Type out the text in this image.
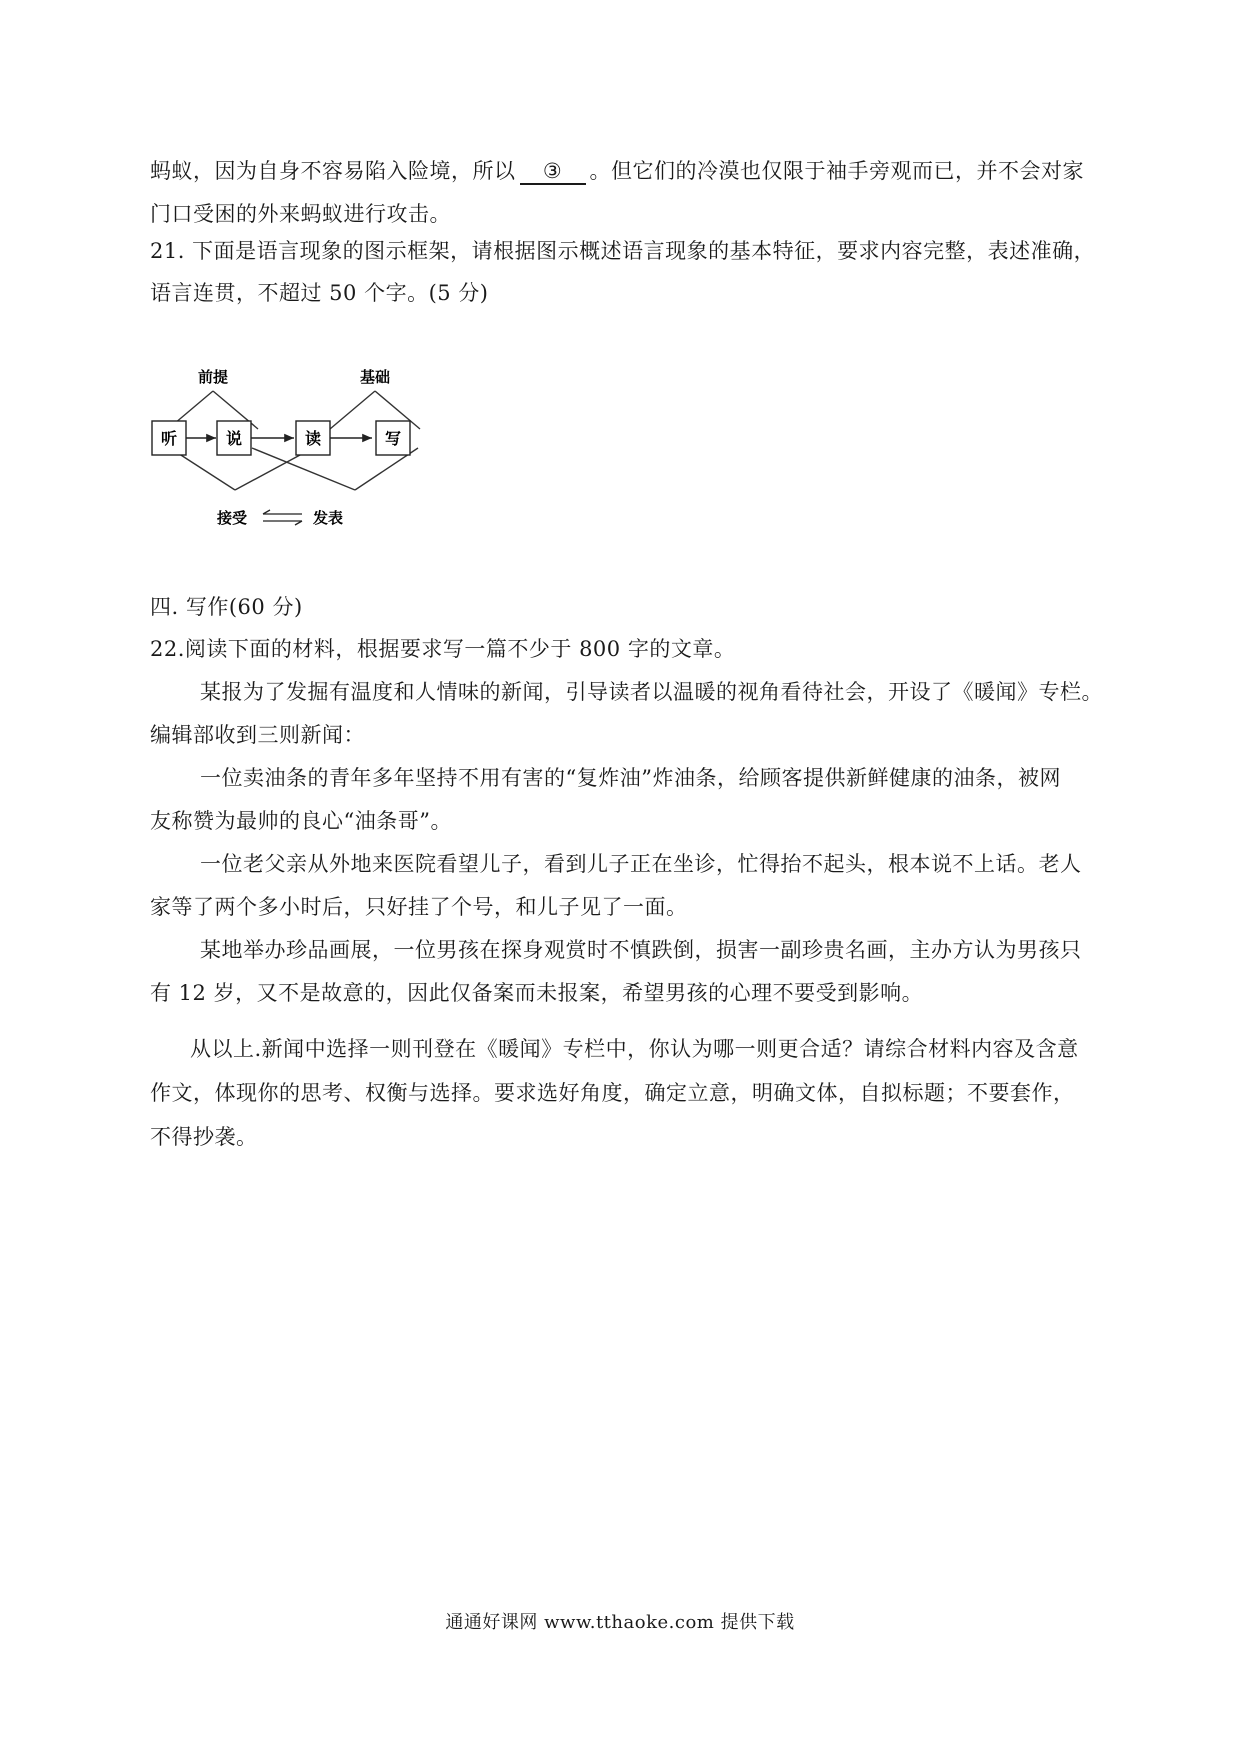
蚂蚁，因为自身不容易陷入险境，所以 ③ 。但它们的冷漠也仅限于袖手旁观而已，并不会对家
门口受困的外来蚂蚁进行攻击。
21. 下面是语言现象的图示框架，请根据图示概述语言现象的基本特征，要求内容完整，表述准确，
语言连贯，不超过 50 个字。(5 分)
听	说	读	写
前提	基础
接受	发表
四. 写作(60 分)
22.阅读下面的材料，根据要求写一篇不少于 800 字的文章。
某报为了发掘有温度和人情味的新闻，引导读者以温暖的视角看待社会，开设了《暖闻》专栏。
编辑部收到三则新闻：
一位卖油条的青年多年坚持不用有害的“复炸油”炸油条，给顾客提供新鲜健康的油条，被网
友称赞为最帅的良心“油条哥”。
一位老父亲从外地来医院看望儿子，看到儿子正在坐诊，忙得抬不起头，根本说不上话。老人
家等了两个多小时后，只好挂了个号，和儿子见了一面。
某地举办珍品画展，一位男孩在探身观赏时不慎跌倒，损害一副珍贵名画，主办方认为男孩只
有 12 岁，又不是故意的，因此仅备案而未报案，希望男孩的心理不要受到影响。
从以上.新闻中选择一则刊登在《暖闻》专栏中，你认为哪一则更合适？请综合材料内容及含意
作文，体现你的思考、权衡与选择。要求选好角度，确定立意，明确文体，自拟标题；不要套作，
不得抄袭。
通通好课网 www.tthaoke.com 提供下载
